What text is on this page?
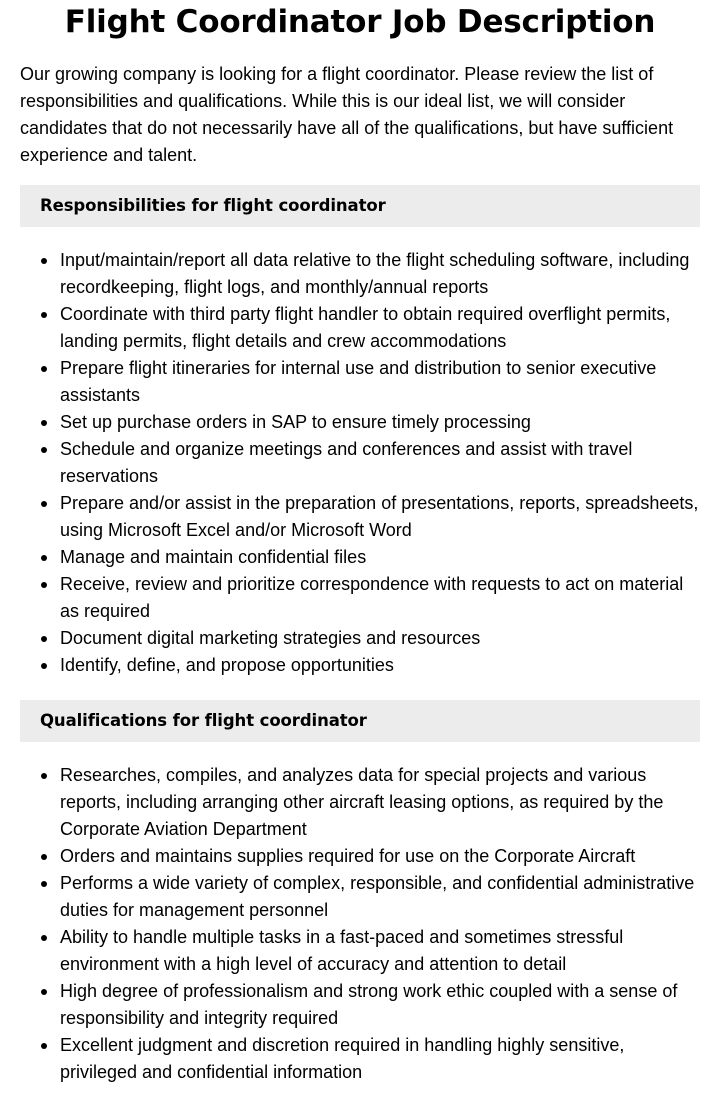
Flight Coordinator Job Description

Our growing company is looking for a flight coordinator. Please review the list of responsibilities and qualifications. While this is our ideal list, we will consider candidates that do not necessarily have all of the qualifications, but have sufficient experience and talent.

Responsibilities for flight coordinator
Input/maintain/report all data relative to the flight scheduling software, including recordkeeping, flight logs, and monthly/annual reports
Coordinate with third party flight handler to obtain required overflight permits, landing permits, flight details and crew accommodations
Prepare flight itineraries for internal use and distribution to senior executive assistants
Set up purchase orders in SAP to ensure timely processing
Schedule and organize meetings and conferences and assist with travel reservations
Prepare and/or assist in the preparation of presentations, reports, spreadsheets, using Microsoft Excel and/or Microsoft Word
Manage and maintain confidential files
Receive, review and prioritize correspondence with requests to act on material as required
Document digital marketing strategies and resources
Identify, define, and propose opportunities
Qualifications for flight coordinator
Researches, compiles, and analyzes data for special projects and various reports, including arranging other aircraft leasing options, as required by the Corporate Aviation Department
Orders and maintains supplies required for use on the Corporate Aircraft
Performs a wide variety of complex, responsible, and confidential administrative duties for management personnel
Ability to handle multiple tasks in a fast-paced and sometimes stressful environment with a high level of accuracy and attention to detail
High degree of professionalism and strong work ethic coupled with a sense of responsibility and integrity required
Excellent judgment and discretion required in handling highly sensitive, privileged and confidential information
